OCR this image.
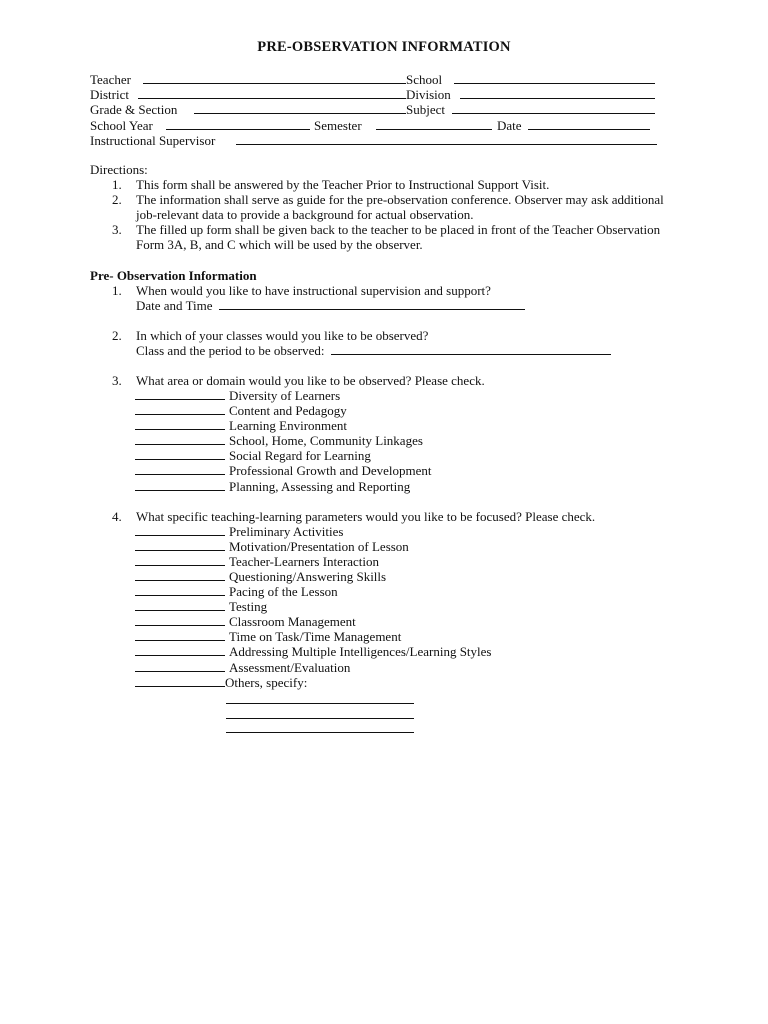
PRE-OBSERVATION INFORMATION
Teacher	School
District	Division
Grade & Section	Subject
School Year	Semester	Date
Instructional Supervisor
Directions:
1. This form shall be answered by the Teacher Prior to Instructional Support Visit.
2. The information shall serve as guide for the pre-observation conference. Observer may ask additional job-relevant data to provide a background for actual observation.
3. The filled up form shall be given back to the teacher to be placed in front of the Teacher Observation Form 3A, B, and C which will be used by the observer.
Pre- Observation Information
1. When would you like to have instructional supervision and support?
Date and Time
2. In which of your classes would you like to be observed?
Class and the period to be observed:
3. What area or domain would you like to be observed? Please check.
Diversity of Learners
Content and Pedagogy
Learning Environment
School, Home, Community Linkages
Social Regard for Learning
Professional Growth and Development
Planning, Assessing and Reporting
4. What specific teaching-learning parameters would you like to be focused? Please check.
Preliminary Activities
Motivation/Presentation of Lesson
Teacher-Learners Interaction
Questioning/Answering Skills
Pacing of the Lesson
Testing
Classroom Management
Time on Task/Time Management
Addressing Multiple Intelligences/Learning Styles
Assessment/Evaluation
Others, specify:
